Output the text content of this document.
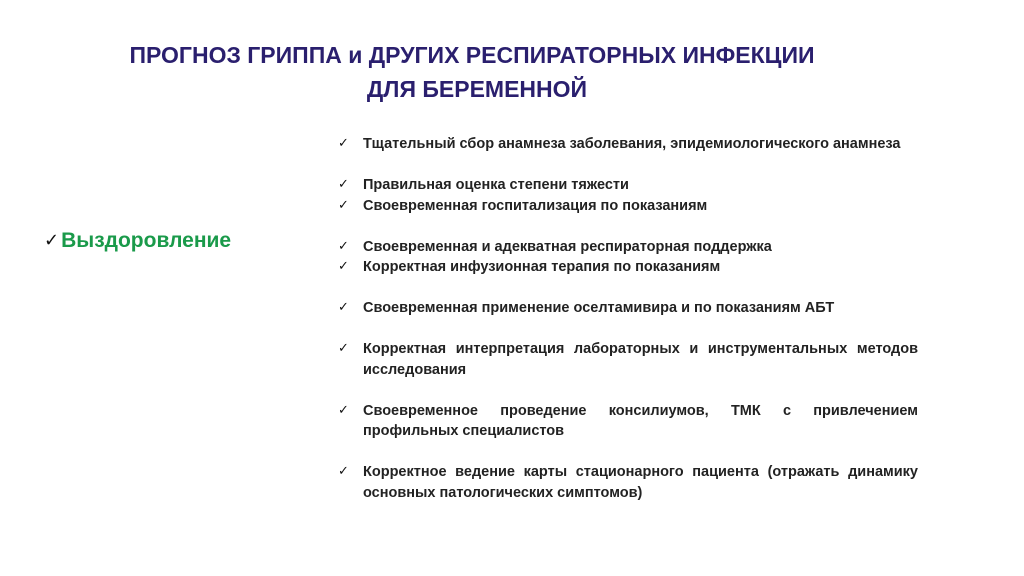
ПРОГНОЗ ГРИППА и ДРУГИХ РЕСПИРАТОРНЫХ ИНФЕКЦИИ
ДЛЯ БЕРЕМЕННОЙ
✓Выздоровление
✓ Тщательный сбор анамнеза заболевания, эпидемиологического анамнеза
✓ Правильная оценка степени тяжести
✓ Своевременная госпитализация по показаниям
✓ Своевременная и адекватная респираторная поддержка
✓ Корректная инфузионная терапия по показаниям
✓ Своевременная применение оселтамивира и по показаниям АБТ
✓ Корректная интерпретация лабораторных и инструментальных методов исследования
✓ Своевременное проведение консилиумов, ТМК с привлечением профильных специалистов
✓ Корректное ведение карты стационарного пациента (отражать динамику основных патологических симптомов)
